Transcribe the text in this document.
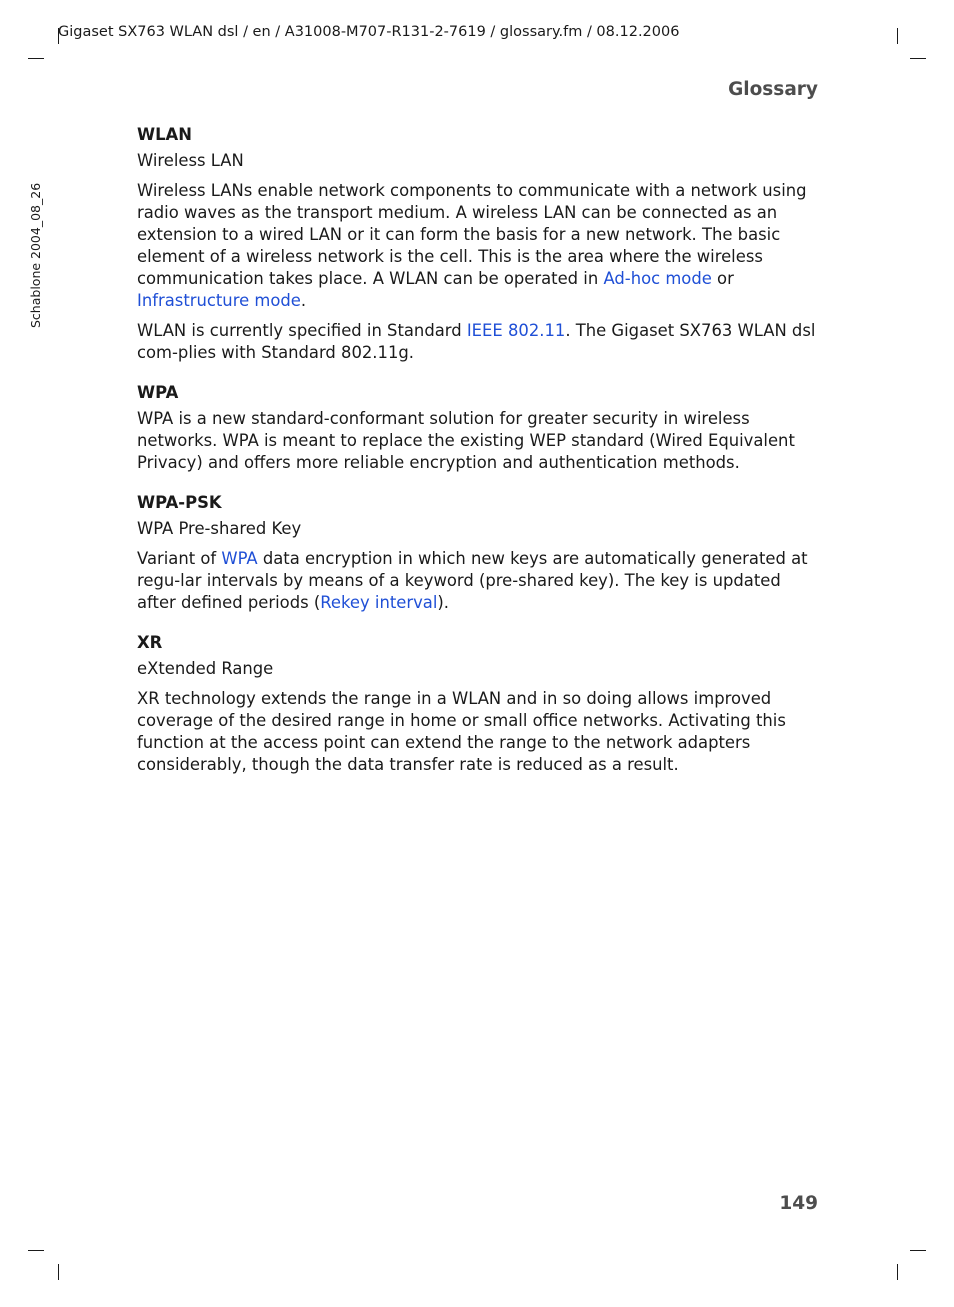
Gigaset SX763 WLAN dsl / en / A31008-M707-R131-2-7619 / glossary.fm / 08.12.2006
Schablone 2004_08_26
Glossary
WLAN
Wireless LAN

Wireless LANs enable network components to communicate with a network using radio waves as the transport medium. A wireless LAN can be connected as an extension to a wired LAN or it can form the basis for a new network. The basic element of a wireless network is the cell. This is the area where the wireless communication takes place. A WLAN can be operated in Ad-hoc mode or Infrastructure mode.

WLAN is currently specified in Standard IEEE 802.11. The Gigaset SX763 WLAN dsl com-plies with Standard 802.11g.

WPA

WPA is a new standard-conformant solution for greater security in wireless networks. WPA is meant to replace the existing WEP standard (Wired Equivalent Privacy) and offers more reliable encryption and authentication methods.

WPA-PSK
WPA Pre-shared Key

Variant of WPA data encryption in which new keys are automatically generated at regu-lar intervals by means of a keyword (pre-shared key). The key is updated after defined periods (Rekey interval).

XR
eXtended Range

XR technology extends the range in a WLAN and in so doing allows improved coverage of the desired range in home or small office networks. Activating this function at the access point can extend the range to the network adapters considerably, though the data transfer rate is reduced as a result.

149
